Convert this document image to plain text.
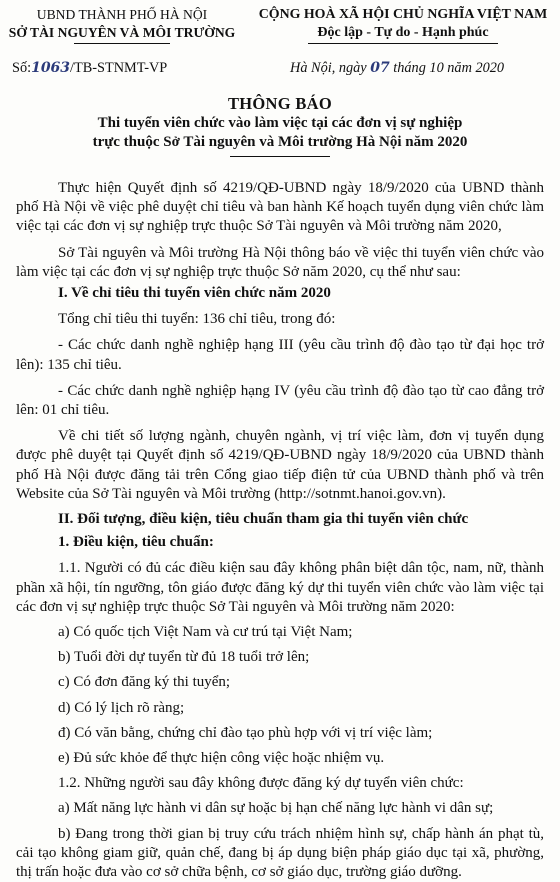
UBND THÀNH PHỐ HÀ NỘI
SỞ TÀI NGUYÊN VÀ MÔI TRƯỜNG
CỘNG HOÀ XÃ HỘI CHỦ NGHĨA VIỆT NAM
Độc lập - Tự do - Hạnh phúc
Số:1063/TB-STNMT-VP	Hà Nội, ngày 07 tháng 10 năm 2020
THÔNG BÁO
Thi tuyển viên chức vào làm việc tại các đơn vị sự nghiệp
trực thuộc Sở Tài nguyên và Môi trường Hà Nội năm 2020

Thực hiện Quyết định số 4219/QĐ-UBND ngày 18/9/2020 của UBND thành phố Hà Nội về việc phê duyệt chỉ tiêu và ban hành Kế hoạch tuyển dụng viên chức làm việc tại các đơn vị sự nghiệp trực thuộc Sở Tài nguyên và Môi trường năm 2020,

Sở Tài nguyên và Môi trường Hà Nội thông báo về việc thi tuyển viên chức vào làm việc tại các đơn vị sự nghiệp trực thuộc Sở năm 2020, cụ thể như sau:

I. Về chỉ tiêu thi tuyển viên chức năm 2020

Tổng chỉ tiêu thi tuyển: 136 chỉ tiêu, trong đó:

- Các chức danh nghề nghiệp hạng III (yêu cầu trình độ đào tạo từ đại học trở lên): 135 chỉ tiêu.

- Các chức danh nghề nghiệp hạng IV (yêu cầu trình độ đào tạo từ cao đẳng trở lên: 01 chỉ tiêu.

Về chi tiết số lượng ngành, chuyên ngành, vị trí việc làm, đơn vị tuyển dụng được phê duyệt tại Quyết định số 4219/QĐ-UBND ngày 18/9/2020 của UBND thành phố Hà Nội được đăng tải trên Cổng giao tiếp điện tử của UBND thành phố và trên Website của Sở Tài nguyên và Môi trường (http://sotnmt.hanoi.gov.vn).

II. Đối tượng, điều kiện, tiêu chuẩn tham gia thi tuyển viên chức
1. Điều kiện, tiêu chuẩn:

1.1. Người có đủ các điều kiện sau đây không phân biệt dân tộc, nam, nữ, thành phần xã hội, tín ngưỡng, tôn giáo được đăng ký dự thi tuyển viên chức vào làm việc tại các đơn vị sự nghiệp trực thuộc Sở Tài nguyên và Môi trường năm 2020:

a) Có quốc tịch Việt Nam và cư trú tại Việt Nam;

b) Tuổi đời dự tuyển từ đủ 18 tuổi trở lên;

c) Có đơn đăng ký thi tuyển;

d) Có lý lịch rõ ràng;

đ) Có văn bằng, chứng chỉ đào tạo phù hợp với vị trí việc làm;

e) Đủ sức khỏe để thực hiện công việc hoặc nhiệm vụ.

1.2. Những người sau đây không được đăng ký dự tuyển viên chức:

a) Mất năng lực hành vi dân sự hoặc bị hạn chế năng lực hành vi dân sự;

b) Đang trong thời gian bị truy cứu trách nhiệm hình sự, chấp hành án phạt tù, cải tạo không giam giữ, quản chế, đang bị áp dụng biện pháp giáo dục tại xã, phường, thị trấn hoặc đưa vào cơ sở chữa bệnh, cơ sở giáo dục, trường giáo dưỡng.
